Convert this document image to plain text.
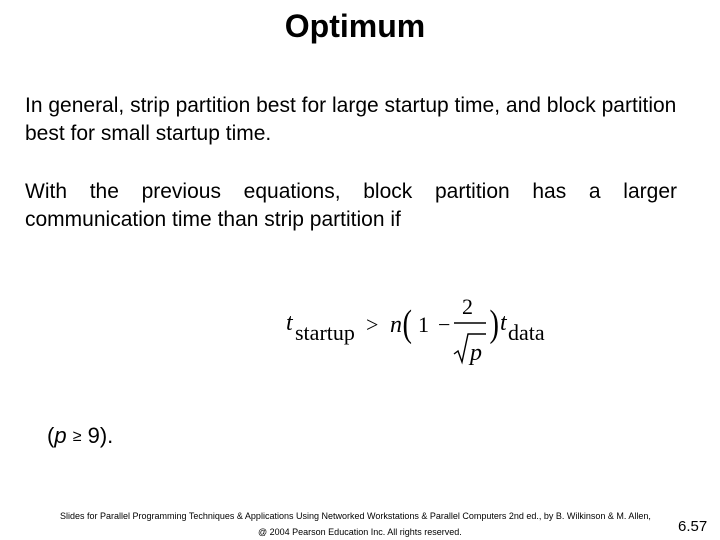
Optimum
In general, strip partition best for large startup time, and block partition best for small startup time.
With the previous equations, block partition has a larger communication time than strip partition if
t startup > n ( 1 −
2
p
) t data
(p ≥ 9).
Slides for Parallel Programming Techniques & Applications Using Networked Workstations & Parallel Computers 2nd ed., by B. Wilkinson & M. Allen,
@ 2004 Pearson Education Inc. All rights reserved.	6.57
